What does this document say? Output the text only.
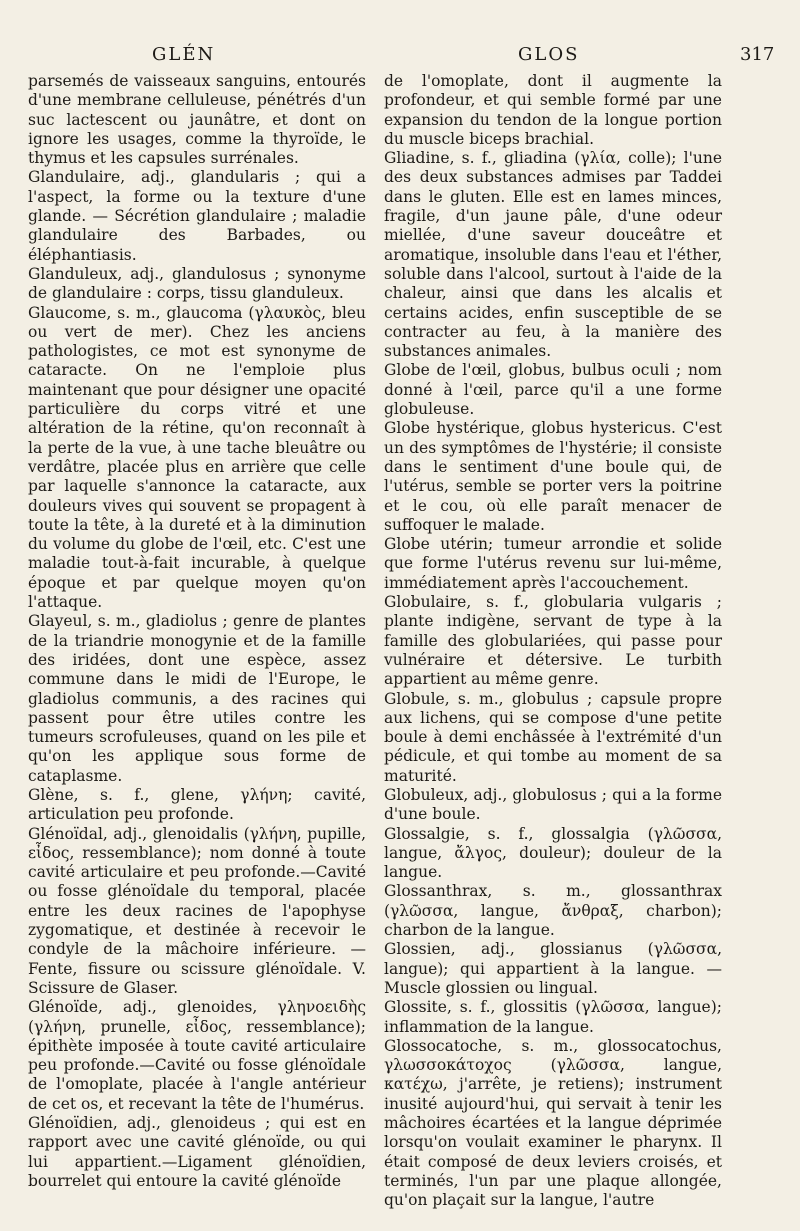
GLÉN	GLOS	317

parsemés de vaisseaux sanguins, entourés d'une membrane celluleuse, pénétrés d'un suc lactescent ou jaunâtre, et dont on ignore les usages, comme la thyroïde, le thymus et les capsules surrénales.

Glandulaire, adj., glandularis ; qui a l'aspect, la forme ou la texture d'une glande. — Sécrétion glandulaire ; maladie glandulaire des Barbades, ou éléphantiasis.

Glanduleux, adj., glandulosus ; synonyme de glandulaire : corps, tissu glanduleux.

Glaucome, s. m., glaucoma (γλαυκὸς, bleu ou vert de mer). Chez les anciens pathologistes, ce mot est synonyme de cataracte. On ne l'emploie plus maintenant que pour désigner une opacité particulière du corps vitré et une altération de la rétine, qu'on reconnaît à la perte de la vue, à une tache bleuâtre ou verdâtre, placée plus en arrière que celle par laquelle s'annonce la cataracte, aux douleurs vives qui souvent se propagent à toute la tête, à la dureté et à la diminution du volume du globe de l'œil, etc. C'est une maladie tout-à-fait incurable, à quelque époque et par quelque moyen qu'on l'attaque.

Glayeul, s. m., gladiolus ; genre de plantes de la triandrie monogynie et de la famille des iridées, dont une espèce, assez commune dans le midi de l'Europe, le gladiolus communis, a des racines qui passent pour être utiles contre les tumeurs scrofuleuses, quand on les pile et qu'on les applique sous forme de cataplasme.

Glène, s. f., glene, γλήνη; cavité, articulation peu profonde.

Glénoïdal, adj., glenoidalis (γλήνη, pupille, εἶδος, ressemblance); nom donné à toute cavité articulaire et peu profonde.—Cavité ou fosse glénoïdale du temporal, placée entre les deux racines de l'apophyse zygomatique, et destinée à recevoir le condyle de la mâchoire inférieure. — Fente, fissure ou scissure glénoïdale. V. Scissure de Glaser.

Glénoïde, adj., glenoides, γληνοειδὴς (γλήνη, prunelle, εἶδος, ressemblance); épithète imposée à toute cavité articulaire peu profonde.—Cavité ou fosse glénoïdale de l'omoplate, placée à l'angle antérieur de cet os, et recevant la tête de l'humérus.

Glénoïdien, adj., glenoideus ; qui est en rapport avec une cavité glénoïde, ou qui lui appartient.—Ligament glénoïdien, bourrelet qui entoure la cavité glénoïde

de l'omoplate, dont il augmente la profondeur, et qui semble formé par une expansion du tendon de la longue portion du muscle biceps brachial.

Gliadine, s. f., gliadina (γλία, colle); l'une des deux substances admises par Taddei dans le gluten. Elle est en lames minces, fragile, d'un jaune pâle, d'une odeur miellée, d'une saveur douceâtre et aromatique, insoluble dans l'eau et l'éther, soluble dans l'alcool, surtout à l'aide de la chaleur, ainsi que dans les alcalis et certains acides, enfin susceptible de se contracter au feu, à la manière des substances animales.

Globe de l'œil, globus, bulbus oculi ; nom donné à l'œil, parce qu'il a une forme globuleuse.

Globe hystérique, globus hystericus. C'est un des symptômes de l'hystérie; il consiste dans le sentiment d'une boule qui, de l'utérus, semble se porter vers la poitrine et le cou, où elle paraît menacer de suffoquer le malade.

Globe utérin; tumeur arrondie et solide que forme l'utérus revenu sur lui-même, immédiatement après l'accouchement.

Globulaire, s. f., globularia vulgaris ; plante indigène, servant de type à la famille des globulariées, qui passe pour vulnéraire et détersive. Le turbith appartient au même genre.

Globule, s. m., globulus ; capsule propre aux lichens, qui se compose d'une petite boule à demi enchâssée à l'extrémité d'un pédicule, et qui tombe au moment de sa maturité.

Globuleux, adj., globulosus ; qui a la forme d'une boule.

Glossalgie, s. f., glossalgia (γλῶσσα, langue, ἄλγος, douleur); douleur de la langue.

Glossanthrax, s. m., glossanthrax (γλῶσσα, langue, ἄνθραξ, charbon); charbon de la langue.

Glossien, adj., glossianus (γλῶσσα, langue); qui appartient à la langue. — Muscle glossien ou lingual.

Glossite, s. f., glossitis (γλῶσσα, langue); inflammation de la langue.

Glossocatoche, s. m., glossocatochus, γλωσσοκάτοχος (γλῶσσα, langue, κατέχω, j'arrête, je retiens); instrument inusité aujourd'hui, qui servait à tenir les mâchoires écartées et la langue déprimée lorsqu'on voulait examiner le pharynx. Il était composé de deux leviers croisés, et terminés, l'un par une plaque allongée, qu'on plaçait sur la langue, l'autre
